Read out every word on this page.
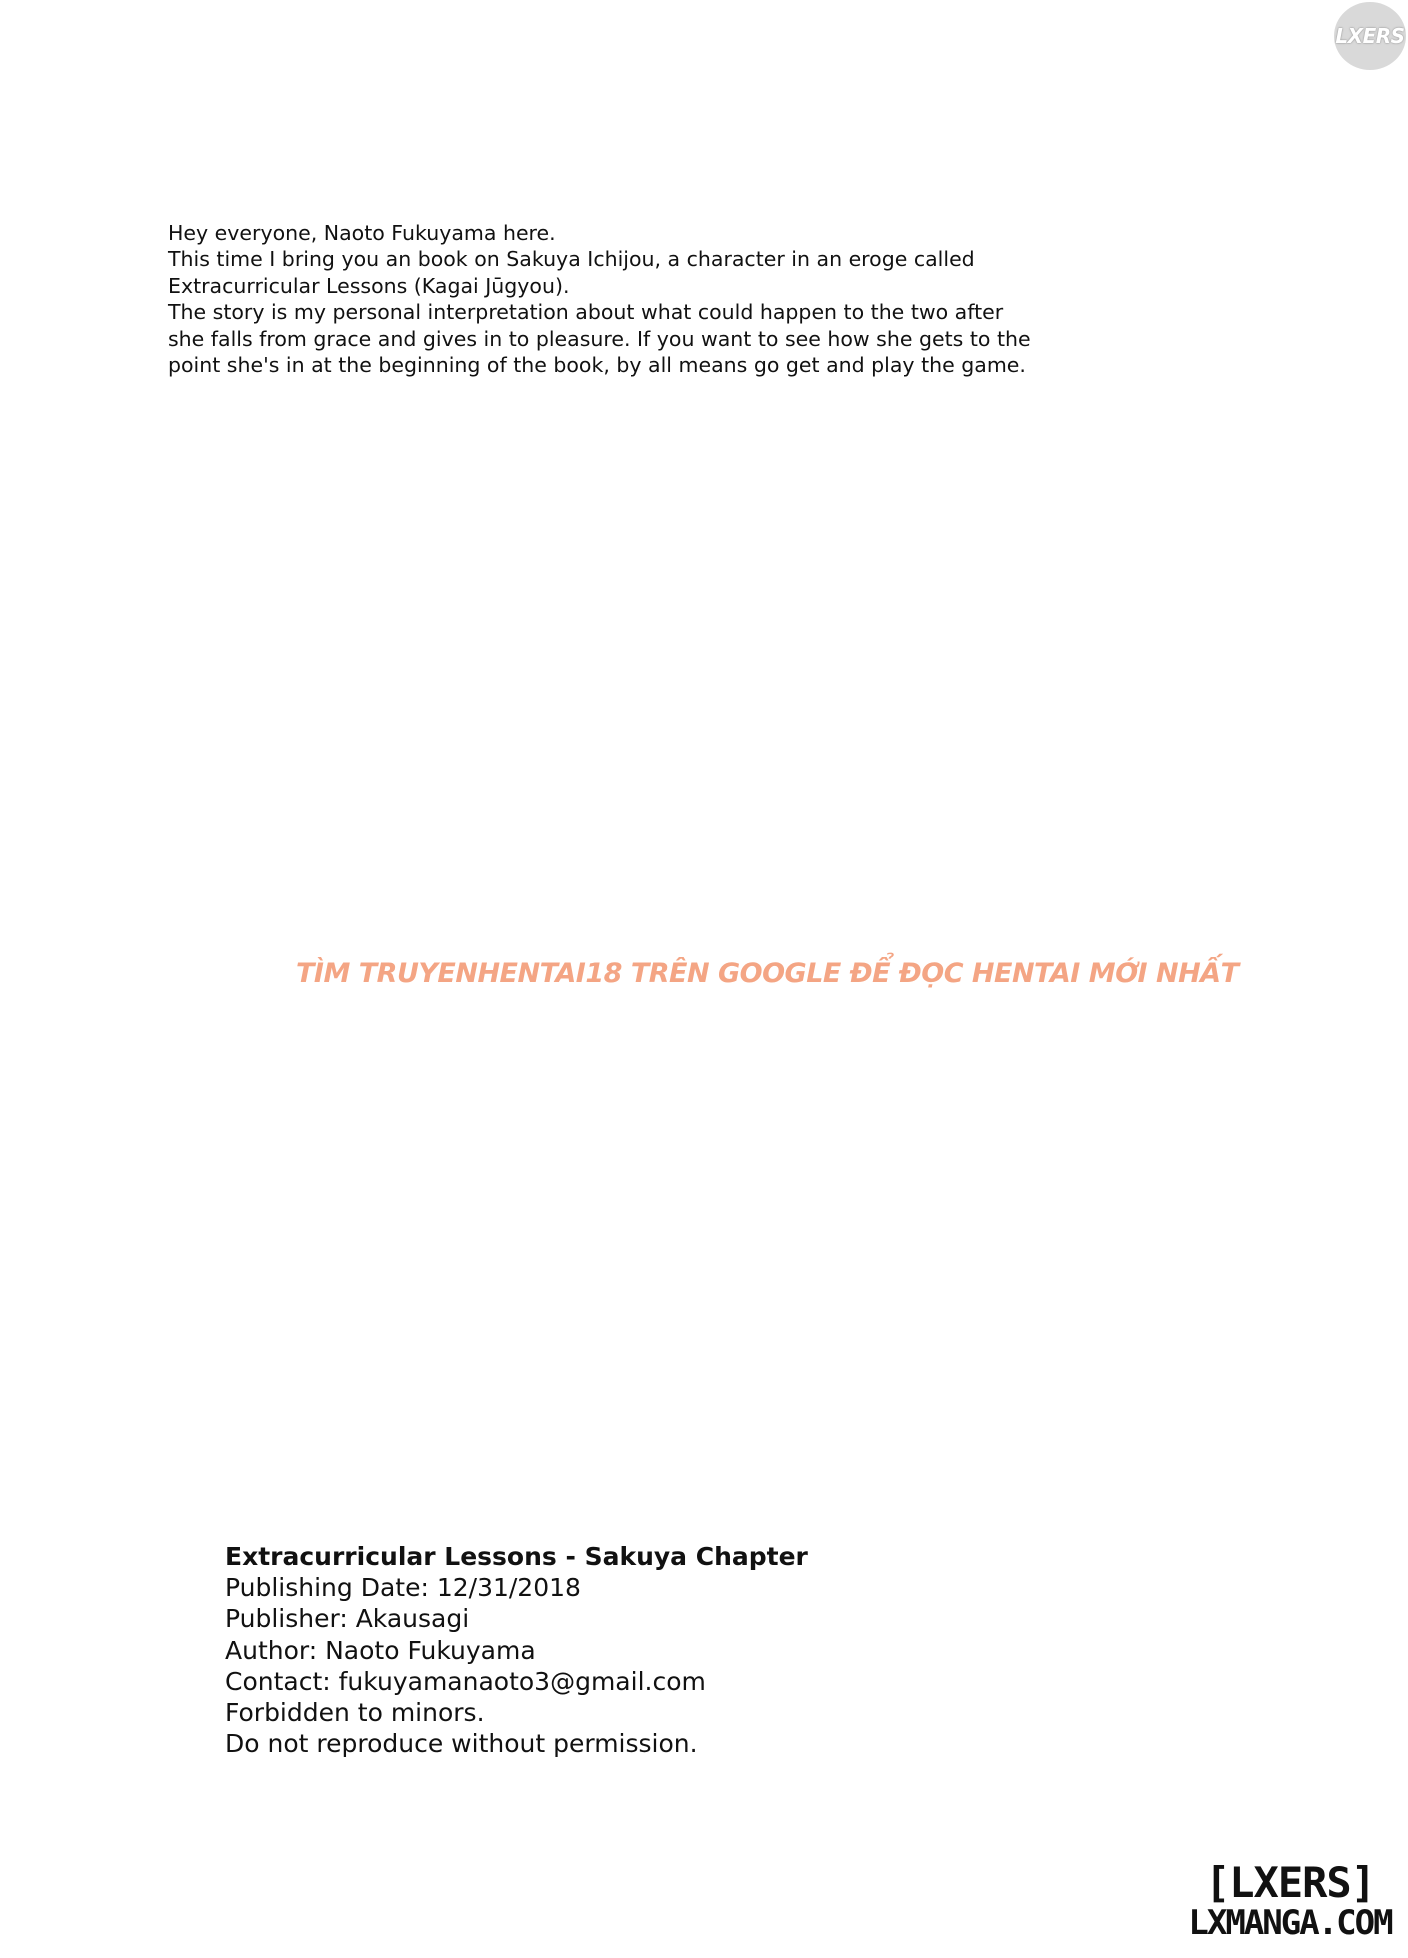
LXERS

Hey everyone, Naoto Fukuyama here.

This time I bring you an book on Sakuya Ichijou, a character in an eroge called

Extracurricular Lessons (Kagai Jūgyou).

The story is my personal interpretation about what could happen to the two after

she falls from grace and gives in to pleasure. If you want to see how she gets to the

point she's in at the beginning of the book, by all means go get and play the game.

TÌM TRUYENHENTAI18 TRÊN GOOGLE ĐỂ ĐỌC HENTAI MỚI NHẤT
Extracurricular Lessons - Sakuya Chapter
Publishing Date: 12/31/2018
Publisher: Akausagi
Author: Naoto Fukuyama
Contact: fukuyamanaoto3@gmail.com
Forbidden to minors.
Do not reproduce without permission.
[LXERS]
LXMANGA.COM
